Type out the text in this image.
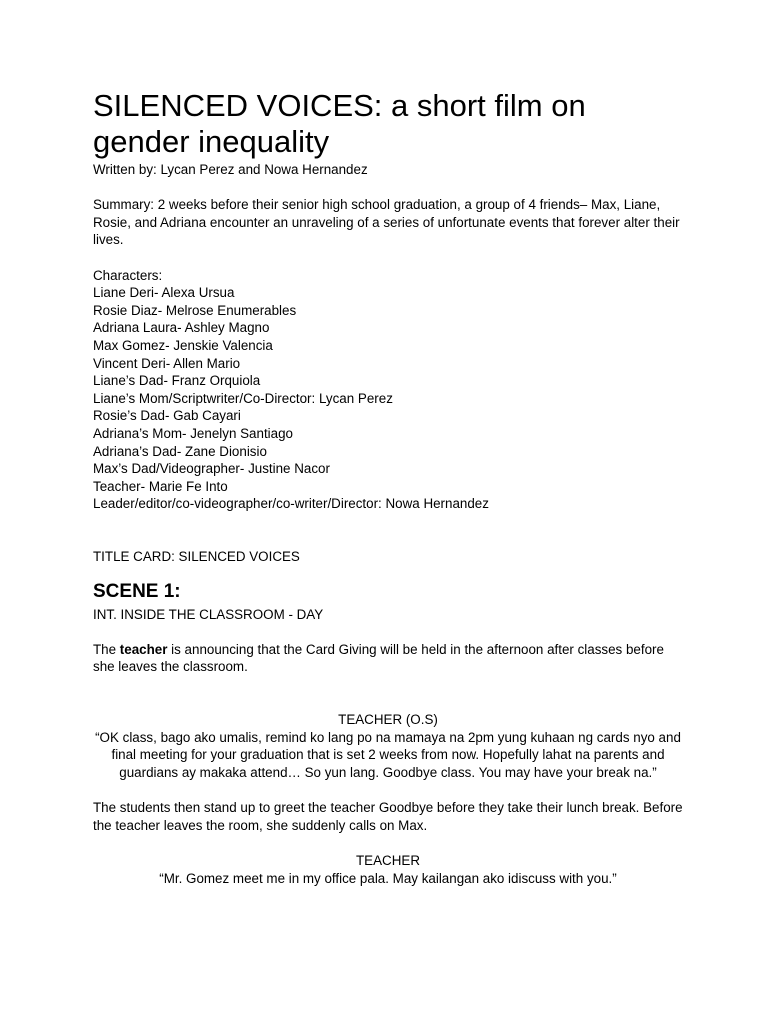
SILENCED VOICES: a short film on
gender inequality

Written by: Lycan Perez and Nowa Hernandez

Summary: 2 weeks before their senior high school graduation, a group of 4 friends– Max, Liane, Rosie, and Adriana encounter an unraveling of a series of unfortunate events that forever alter their lives.

Characters:

Liane Deri- Alexa Ursua

Rosie Diaz- Melrose Enumerables

Adriana Laura- Ashley Magno

Max Gomez- Jenskie Valencia

Vincent Deri- Allen Mario

Liane’s Dad- Franz Orquiola

Liane’s Mom/Scriptwriter/Co-Director: Lycan Perez

Rosie’s Dad- Gab Cayari

Adriana’s Mom- Jenelyn Santiago

Adriana’s Dad- Zane Dionisio

Max’s Dad/Videographer- Justine Nacor

Teacher- Marie Fe Into

Leader/editor/co-videographer/co-writer/Director: Nowa Hernandez

TITLE CARD: SILENCED VOICES

SCENE 1:

INT. INSIDE THE CLASSROOM - DAY

The teacher is announcing that the Card Giving will be held in the afternoon after classes before she leaves the classroom.

TEACHER (O.S)

“OK class, bago ako umalis, remind ko lang po na mamaya na 2pm yung kuhaan ng cards nyo and final meeting for your graduation that is set 2 weeks from now. Hopefully lahat na parents and guardians ay makaka attend… So yun lang. Goodbye class. You may have your break na.”

The students then stand up to greet the teacher Goodbye before they take their lunch break. Before the teacher leaves the room, she suddenly calls on Max.

TEACHER

“Mr. Gomez meet me in my office pala. May kailangan ako idiscuss with you.”
